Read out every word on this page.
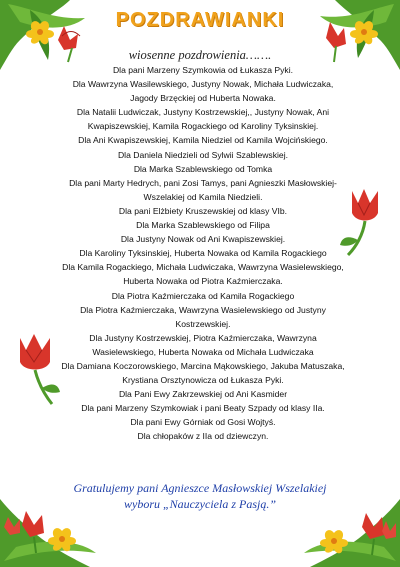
POZDRAWIANKI
wiosenne pozdrowienia…….
Dla pani Marzeny Szymkowia od Łukasza Pyki.
Dla Wawrzyna Wasilewskiego, Justyny Nowak, Michała Ludwiczaka, Jagody Brzęckiej od Huberta Nowaka.
Dla Natalii Ludwiczak, Justyny Kostrzewskiej,, Justyny Nowak, Ani Kwapiszewskiej, Kamila Rogackiego od Karoliny Tyksinskiej.
Dla Ani Kwapiszewskiej, Kamila Niedziel od Kamila Wojcińskiego.
Dla Daniela Niedzieli od Sylwii Szablewskiej.
Dla Marka Szablewskiego od Tomka
Dla pani Marty Hedrych, pani Zosi Tamys, pani Agnieszki Masłowskiej- Wszelakiej od Kamila Niedzieli.
Dla pani Elżbiety Kruszewskiej od klasy VIb.
Dla Marka Szablewskiego od Filipa
Dla Justyny Nowak od Ani Kwapiszewskiej.
Dla Karoliny Tyksinskiej, Huberta Nowaka od Kamila Rogackiego
Dla Kamila Rogackiego, Michała Ludwiczaka, Wawrzyna Wasielewskiego, Huberta Nowaka od Piotra Kaźmierczaka.
Dla Piotra Kaźmierczaka od Kamila Rogackiego
Dla Piotra Kaźmierczaka, Wawrzyna Wasielewskiego od Justyny Kostrzewskiej.
Dla Justyny Kostrzewskiej, Piotra Kaźmierczaka, Wawrzyna Wasielewskiego, Huberta Nowaka od Michała Ludwiczaka
Dla Damiana Koczorowskiego, Marcina Mąkowskiego, Jakuba Matuszaka, Krystiana Orsztynowicza od Łukasza Pyki.
Dla Pani Ewy Zakrzewskiej od Ani Kasmider
Dla pani Marzeny Szymkowiak i pani Beaty Szpady od klasy IIa.
Dla pani Ewy Górniak od Gosi Wojtyś.
Dla chłopaków z IIa od dziewczyn.
Gratulujemy pani Agnieszce Masłowskiej Wszelakiej
wyboru „Nauczyciela z Pasją.”
